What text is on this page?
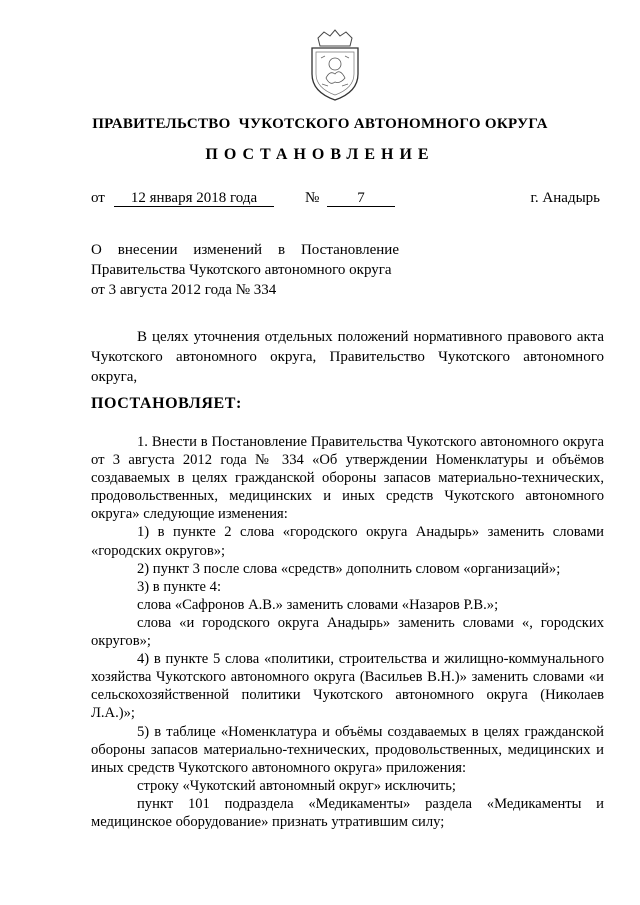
ПРАВИТЕЛЬСТВО  ЧУКОТСКОГО АВТОНОМНОГО ОКРУГА
ПОСТАНОВЛЕНИЕ
от	12 января 2018 года	№	7	г. Анадырь
О внесении изменений в Постановление
Правительства Чукотского автономного округа
от 3 августа 2012 года № 334
В целях уточнения отдельных положений нормативного правового акта Чукотского автономного округа, Правительство Чукотского автономного округа,
ПОСТАНОВЛЯЕТ:

1. Внести в Постановление Правительства Чукотского автономного округа от 3 августа 2012 года № 334 «Об утверждении Номенклатуры и объёмов создаваемых в целях гражданской обороны запасов материально-технических, продовольственных, медицинских и иных средств Чукотского автономного округа» следующие изменения:

1) в пункте 2 слова «городского округа Анадырь» заменить словами «городских округов»;

2) пункт 3 после слова «средств» дополнить словом «организаций»;

3) в пункте 4:

слова «Сафронов А.В.» заменить словами «Назаров Р.В.»;

слова «и городского округа Анадырь» заменить словами «, городских округов»;

4) в пункте 5 слова «политики, строительства и жилищно-коммунального хозяйства Чукотского автономного округа (Васильев В.Н.)» заменить словами «и сельскохозяйственной политики Чукотского автономного округа (Николаев Л.А.)»;

5) в таблице «Номенклатура и объёмы создаваемых в целях гражданской обороны запасов материально-технических, продовольственных, медицинских и иных средств Чукотского автономного округа» приложения:

строку «Чукотский автономный округ» исключить;

пункт 101 подраздела «Медикаменты» раздела «Медикаменты и медицинское оборудование» признать утратившим силу;
